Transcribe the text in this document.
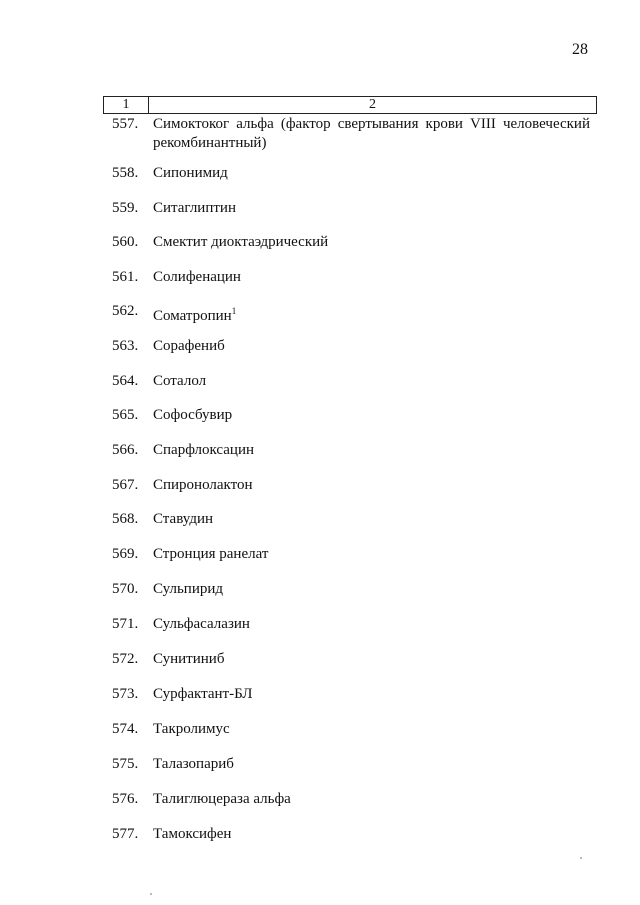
28
1	2
557. Симоктоког альфа (фактор свертывания крови VIII человеческий рекомбинантный)
558. Сипонимид
559. Ситаглиптин
560. Смектит диоктаэдрический
561. Солифенацин
562. Соматропин$^1$
563. Сорафениб
564. Соталол
565. Софосбувир
566. Спарфлоксацин
567. Спиронолактон
568. Ставудин
569. Стронция ранелат
570. Сульпирид
571. Сульфасалазин
572. Сунитиниб
573. Сурфактант-БЛ
574. Такролимус
575. Талазопариб
576. Талиглюцераза альфа
577. Тамоксифен
